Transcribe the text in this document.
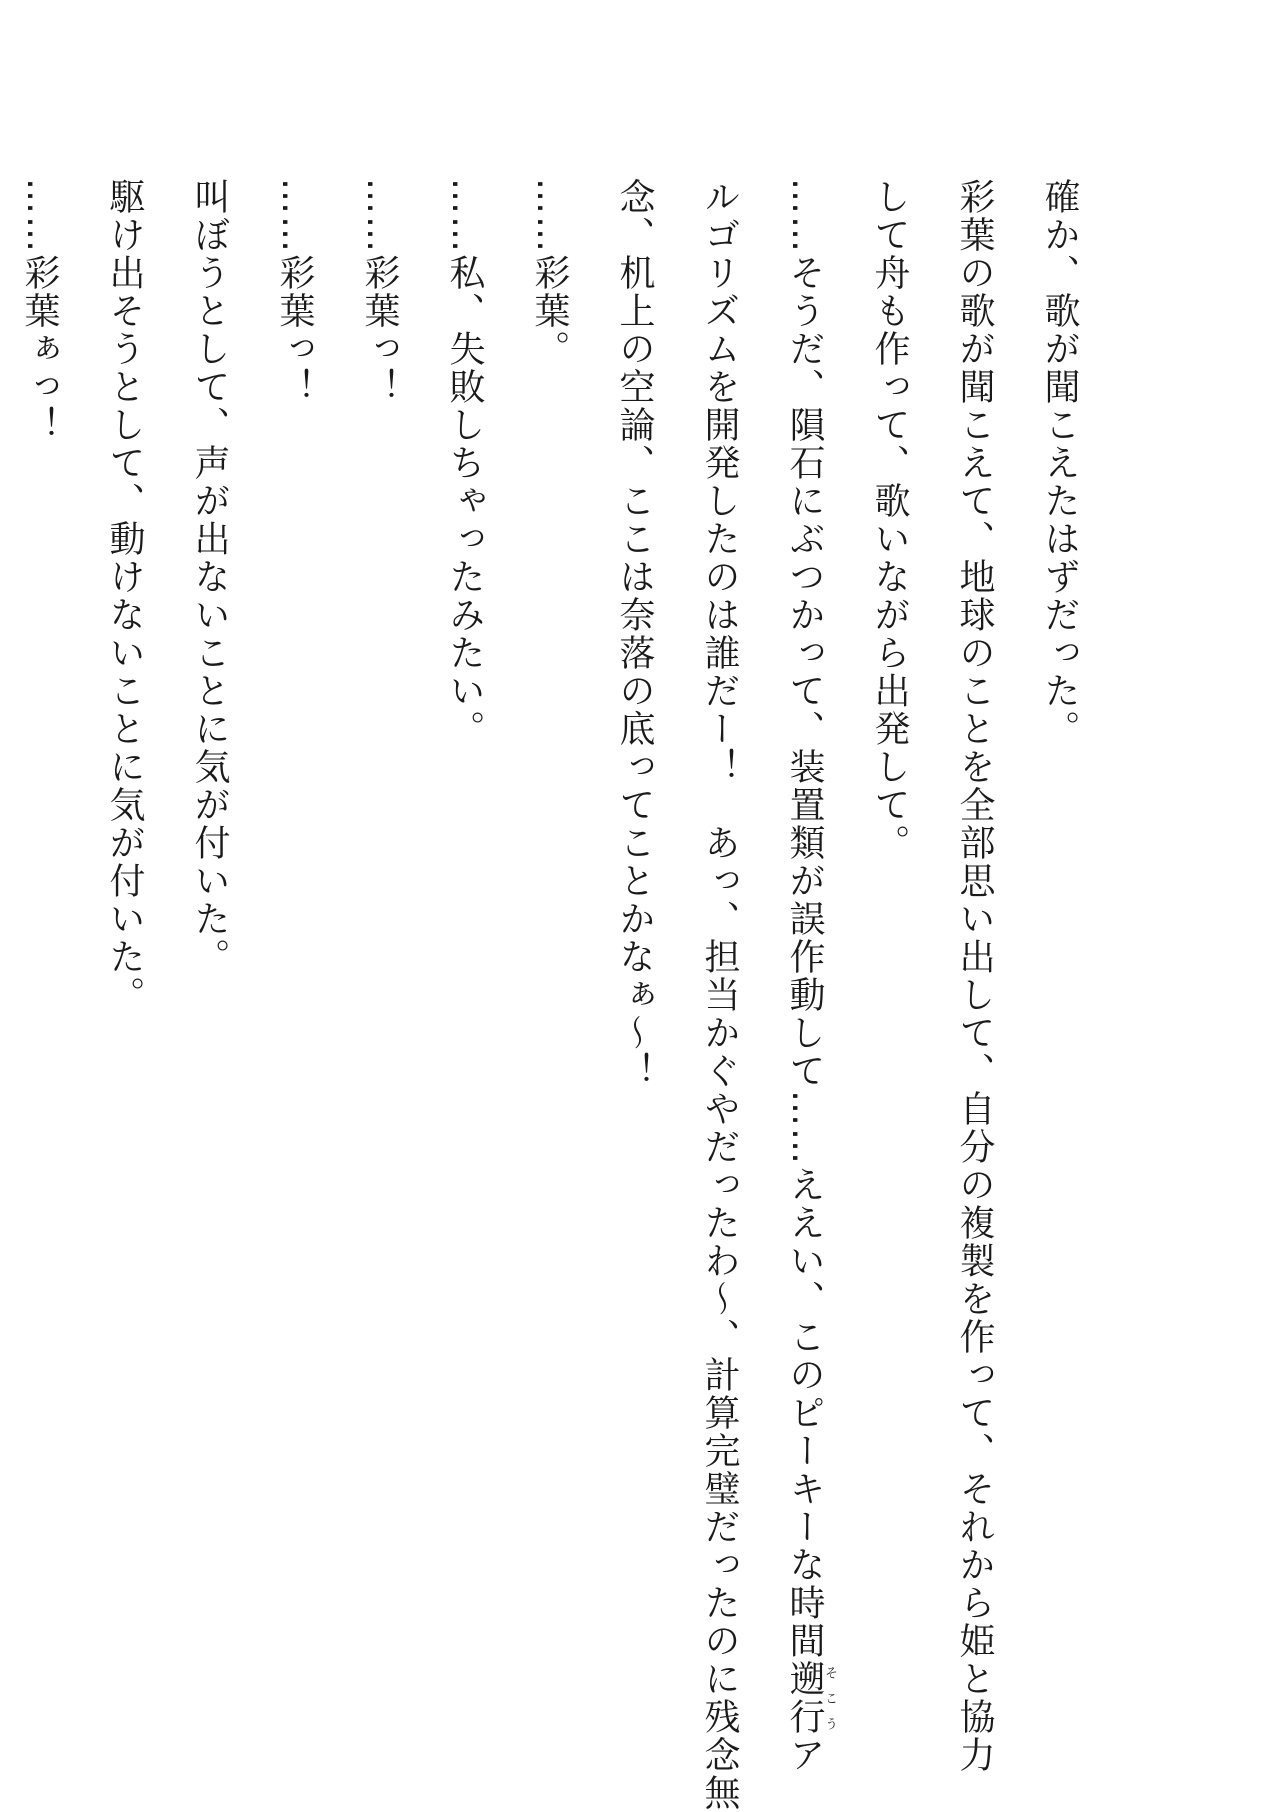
確か、歌が聞こえたはずだった。
彩葉の歌が聞こえて、地球のことを全部思い出して、自分の複製を作って、それから姫と協力
して舟も作って、歌いながら出発して。
……そうだ、隕石にぶつかって、装置類が誤作動して……ええい、このピーキーな時間遡行そこうア
ルゴリズムを開発したのは誰だー！　あっ、担当かぐやだったわ〜、計算完璧だったのに残念無
念、机上の空論、ここは奈落の底ってことかなぁ〜！
……彩葉。
……私、失敗しちゃったみたい。
……彩葉っ！
……彩葉っ！
叫ぼうとして、声が出ないことに気が付いた。
駆け出そうとして、動けないことに気が付いた。
……彩葉ぁっ！
